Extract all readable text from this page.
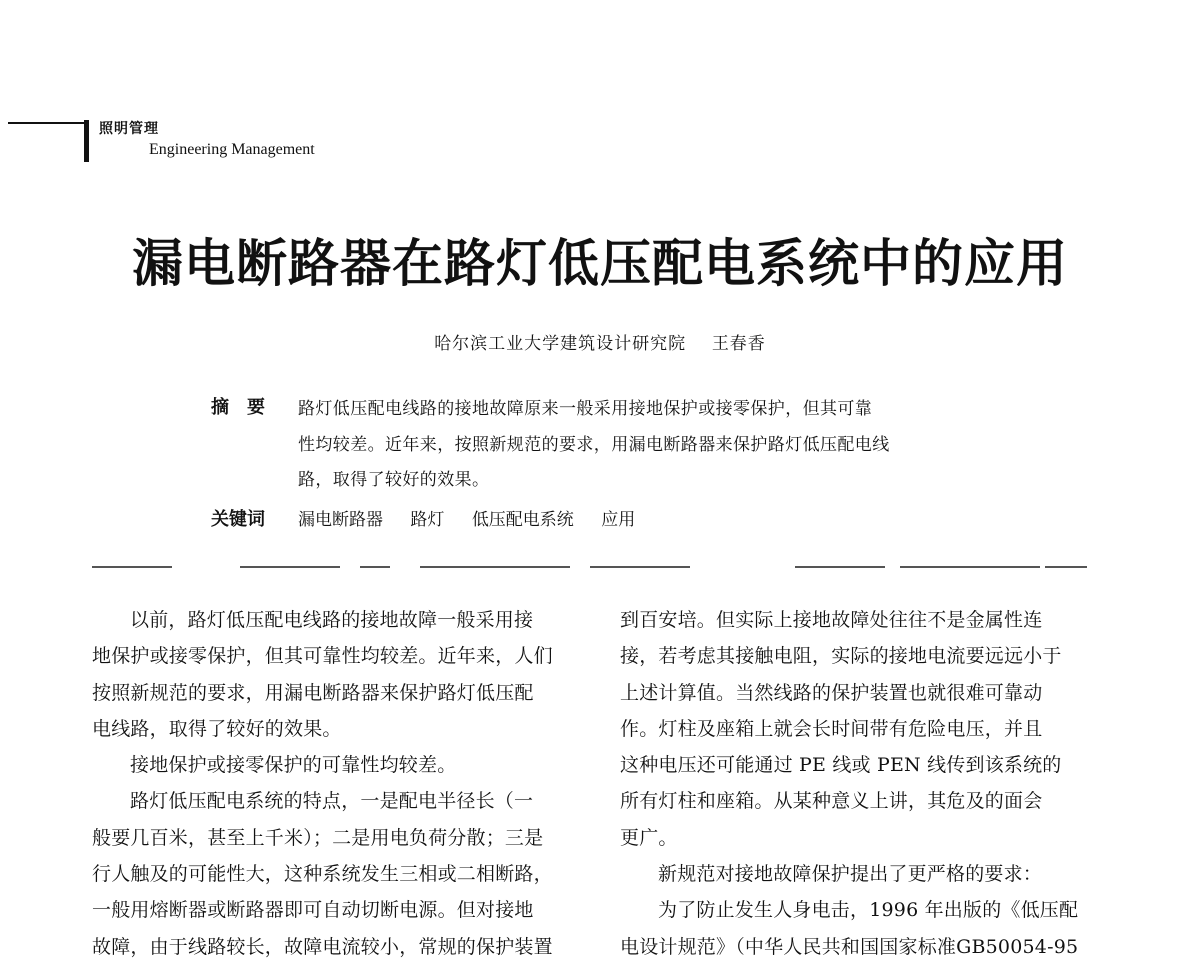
照明管理
Engineering Management
漏电断路器在路灯低压配电系统中的应用
哈尔滨工业大学建筑设计研究院 王春香
摘　要 路灯低压配电线路的接地故障原来一般采用接地保护或接零保护，但其可靠
性均较差。近年来，按照新规范的要求，用漏电断路器来保护路灯低压配电线
路，取得了较好的效果。
关键词 漏电断路器 路灯 低压配电系统 应用

以前，路灯低压配电线路的接地故障一般采用接

地保护或接零保护，但其可靠性均较差。近年来，人们

按照新规范的要求，用漏电断路器来保护路灯低压配

电线路，取得了较好的效果。

接地保护或接零保护的可靠性均较差。

路灯低压配电系统的特点，一是配电半径长（一

般要几百米，甚至上千米）；二是用电负荷分散；三是

行人触及的可能性大，这种系统发生三相或二相断路，

一般用熔断器或断路器即可自动切断电源。但对接地

故障，由于线路较长，故障电流较小，常规的保护装置

到百安培。但实际上接地故障处往往不是金属性连

接，若考虑其接触电阻，实际的接地电流要远远小于

上述计算值。当然线路的保护装置也就很难可靠动

作。灯柱及座箱上就会长时间带有危险电压，并且

这种电压还可能通过 PE 线或 PEN 线传到该系统的

所有灯柱和座箱。从某种意义上讲，其危及的面会

更广。

新规范对接地故障保护提出了更严格的要求：

为了防止发生人身电击，1996 年出版的《低压配

电设计规范》（中华人民共和国国家标准GB50054-95
